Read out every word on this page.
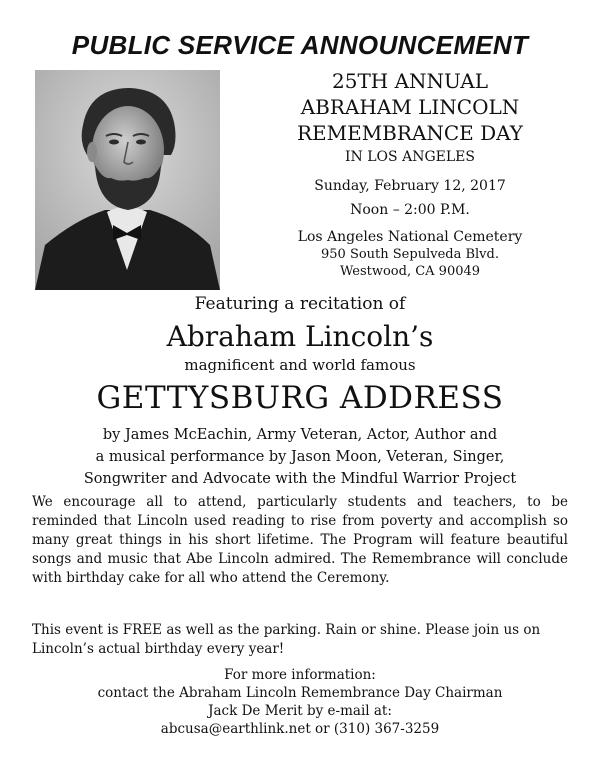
PUBLIC SERVICE ANNOUNCEMENT
25TH ANNUAL
ABRAHAM LINCOLN
REMEMBRANCE DAY
IN LOS ANGELES
Sunday, February 12, 2017
Noon – 2:00 P.M.
Los Angeles National Cemetery
950 South Sepulveda Blvd.
Westwood, CA 90049
Featuring a recitation of
Abraham Lincoln’s
magnificent and world famous
GETTYSBURG ADDRESS
by James McEachin, Army Veteran, Actor, Author and
a musical performance by Jason Moon, Veteran, Singer,
Songwriter and Advocate with the Mindful Warrior Project
We encourage all to attend, particularly students and teachers, to be reminded that Lincoln used reading to rise from poverty and accomplish so many great things in his short lifetime. The Program will feature beautiful songs and music that Abe Lincoln admired. The Remembrance will conclude with birthday cake for all who attend the Ceremony.
This event is FREE as well as the parking. Rain or shine. Please join us on Lincoln’s actual birthday every year!
For more information:
contact the Abraham Lincoln Remembrance Day Chairman
Jack De Merit by e-mail at:
abcusa@earthlink.net or (310) 367-3259
